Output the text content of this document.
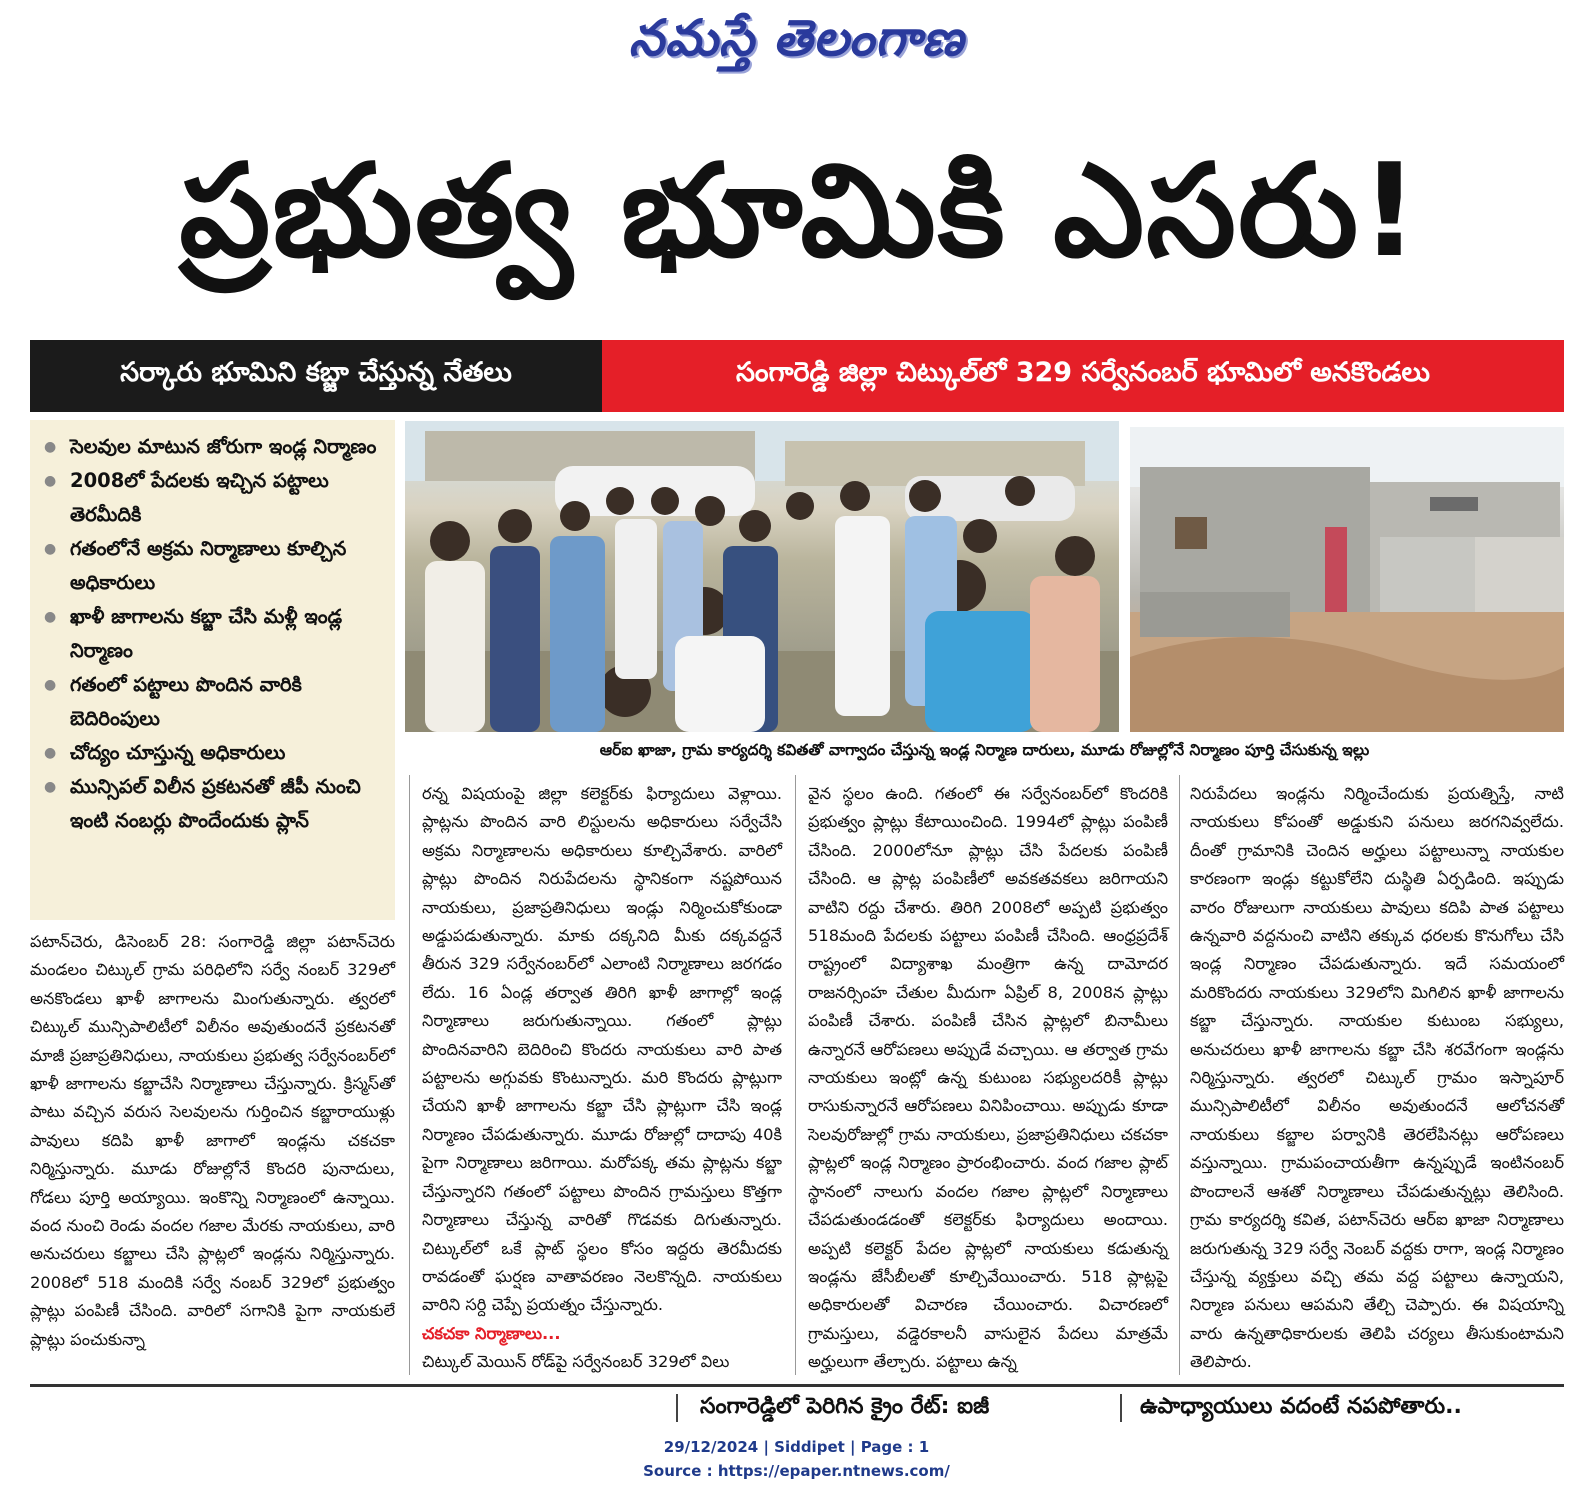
నమస్తే తెలంగాణ
ప్రభుత్వ భూమికి ఎసరు!
సర్కారు భూమిని కబ్జా చేస్తున్న నేతలు	సంగారెడ్డి జిల్లా చిట్కుల్‌లో 329 సర్వేనంబర్ భూమిలో అనకొండలు
● సెలవుల మాటున జోరుగా ఇండ్ల నిర్మాణం
● 2008లో పేదలకు ఇచ్చిన పట్టాలు తెరమీదికి
● గతంలోనే అక్రమ నిర్మాణాలు కూల్చిన అధికారులు
● ఖాళీ జాగాలను కబ్జా చేసి మళ్లీ ఇండ్ల నిర్మాణం
● గతంలో పట్టాలు పొందిన వారికి బెదిరింపులు
● చోద్యం చూస్తున్న అధికారులు
● మున్సిపల్ విలీన ప్రకటనతో జీపీ నుంచి ఇంటి నంబర్లు పొందేందుకు ప్లాన్
ఆర్ఐ ఖాజా, గ్రామ కార్యదర్శి కవితతో వాగ్వాదం చేస్తున్న ఇండ్ల నిర్మాణ దారులు, మూడు రోజుల్లోనే నిర్మాణం పూర్తి చేసుకున్న ఇల్లు
పటాన్‌చెరు, డిసెంబర్ 28: సంగారెడ్డి జిల్లా పటాన్‌చెరు మండలం చిట్కుల్ గ్రామ పరిధిలోని సర్వే నంబర్ 329లో అనకొండలు ఖాళీ జాగాలను మింగుతున్నారు. త్వరలో చిట్కుల్ మున్సిపాలిటీలో విలీనం అవుతుందనే ప్రకటనతో మాజీ ప్రజాప్రతినిధులు, నాయకులు ప్రభుత్వ సర్వేనంబర్‌లో ఖాళీ జాగాలను కబ్జాచేసి నిర్మాణాలు చేస్తున్నారు. క్రిస్మస్‌తో పాటు వచ్చిన వరుస సెలవులను గుర్తించిన కబ్జారాయుళ్లు పావులు కదిపి ఖాళీ జాగాలో ఇండ్లను చకచకా నిర్మిస్తున్నారు. మూడు రోజుల్లోనే కొందరి పునాదులు, గోడలు పూర్తి అయ్యాయి. ఇంకొన్ని నిర్మాణంలో ఉన్నాయి. వంద నుంచి రెండు వందల గజాల మేరకు నాయకులు, వారి అనుచరులు కబ్జాలు చేసి ప్లాట్లలో ఇండ్లను నిర్మిస్తున్నారు. 2008లో 518 మందికి సర్వే నంబర్ 329లో ప్రభుత్వం ప్లాట్లు పంపిణీ చేసింది. వారిలో సగానికి పైగా నాయకులే ప్లాట్లు పంచుకున్నా
రన్న విషయంపై జిల్లా కలెక్టర్‌కు ఫిర్యాదులు వెళ్లాయి. ప్లాట్లను పొందిన వారి లిస్టులను అధికారులు సర్వేచేసి అక్రమ నిర్మాణాలను అధికారులు కూల్చివేశారు. వారిలో ప్లాట్లు పొందిన నిరుపేదలను స్థానికంగా నష్టపోయిన నాయకులు, ప్రజాప్రతినిధులు ఇండ్లు నిర్మించుకోకుండా అడ్డుపడుతున్నారు. మాకు దక్కనిది మీకు దక్కవద్దనే తీరున 329 సర్వేనంబర్‌లో ఎలాంటి నిర్మాణాలు జరగడం లేదు. 16 ఏండ్ల తర్వాత తిరిగి ఖాళీ జాగాల్లో ఇండ్ల నిర్మాణాలు జరుగుతున్నాయి. గతంలో ప్లాట్లు పొందినవారిని బెదిరించి కొందరు నాయకులు వారి పాత పట్టాలను అగ్గువకు కొంటున్నారు. మరి కొందరు ప్లాట్లుగా చేయని ఖాళీ జాగాలను కబ్జా చేసి ప్లాట్లుగా చేసి ఇండ్ల నిర్మాణం చేపడుతున్నారు. మూడు రోజుల్లో దాదాపు 40కి పైగా నిర్మాణాలు జరిగాయి. మరోపక్క తమ ప్లాట్లను కబ్జా చేస్తున్నారని గతంలో పట్టాలు పొందిన గ్రామస్తులు కొత్తగా నిర్మాణాలు చేస్తున్న వారితో గొడవకు దిగుతున్నారు. చిట్కుల్‌లో ఒకే ప్లాట్ స్థలం కోసం ఇద్దరు తెరమీదకు రావడంతో ఘర్షణ వాతావరణం నెలకొన్నది. నాయకులు వారిని సర్ది చెప్పే ప్రయత్నం చేస్తున్నారు.
చకచకా నిర్మాణాలు...
చిట్కుల్ మెయిన్ రోడ్‌పై సర్వేనంబర్ 329లో విలు
వైన స్థలం ఉంది. గతంలో ఈ సర్వేనంబర్‌లో కొందరికి ప్రభుత్వం ప్లాట్లు కేటాయించింది. 1994లో ప్లాట్లు పంపిణీ చేసింది. 2000లోనూ ప్లాట్లు చేసి పేదలకు పంపిణీ చేసింది. ఆ ప్లాట్ల పంపిణీలో అవకతవకలు జరిగాయని వాటిని రద్దు చేశారు. తిరిగి 2008లో అప్పటి ప్రభుత్వం 518మంది పేదలకు పట్టాలు పంపిణీ చేసింది. ఆంధ్రప్రదేశ్ రాష్ట్రంలో విద్యాశాఖ మంత్రిగా ఉన్న దామోదర రాజనర్సింహ చేతుల మీదుగా ఏప్రిల్ 8, 2008న ప్లాట్లు పంపిణీ చేశారు. పంపిణీ చేసిన ప్లాట్లలో బినామీలు ఉన్నారనే ఆరోపణలు అప్పుడే వచ్చాయి. ఆ తర్వాత గ్రామ నాయకులు ఇంట్లో ఉన్న కుటుంబ సభ్యులదరికీ ప్లాట్లు రాసుకున్నారనే ఆరోపణలు వినిపించాయి. అప్పుడు కూడా సెలవురోజుల్లో గ్రామ నాయకులు, ప్రజాప్రతినిధులు చకచకా ప్లాట్లలో ఇండ్ల నిర్మాణం ప్రారంభించారు. వంద గజాల ప్లాట్ స్థానంలో నాలుగు వందల గజాల ప్లాట్లలో నిర్మాణాలు చేపడుతుండడంతో కలెక్టర్‌కు ఫిర్యాదులు అందాయి. అప్పటి కలెక్టర్ పేదల ప్లాట్లలో నాయకులు కడుతున్న ఇండ్లను జేసీబీలతో కూల్చివేయించారు. 518 ప్లాట్లపై అధికారులతో విచారణ చేయించారు. విచారణలో గ్రామస్తులు, వడ్డెరకాలనీ వాసులైన పేదలు మాత్రమే అర్హులుగా తేల్చారు. పట్టాలు ఉన్న
నిరుపేదలు ఇండ్లను నిర్మించేందుకు ప్రయత్నిస్తే, నాటి నాయకులు కోపంతో అడ్డుకుని పనులు జరగనివ్వలేదు. దీంతో గ్రామానికి చెందిన అర్హులు పట్టాలున్నా నాయకుల కారణంగా ఇండ్లు కట్టుకోలేని దుస్థితి ఏర్పడింది. ఇప్పుడు వారం రోజులుగా నాయకులు పావులు కదిపి పాత పట్టాలు ఉన్నవారి వద్దనుంచి వాటిని తక్కువ ధరలకు కొనుగోలు చేసి ఇండ్ల నిర్మాణం చేపడుతున్నారు. ఇదే సమయంలో మరికొందరు నాయకులు 329లోని మిగిలిన ఖాళీ జాగాలను కబ్జా చేస్తున్నారు. నాయకుల కుటుంబ సభ్యులు, అనుచరులు ఖాళీ జాగాలను కబ్జా చేసి శరవేగంగా ఇండ్లను నిర్మిస్తున్నారు. త్వరలో చిట్కుల్ గ్రామం ఇస్నాపూర్ మున్సిపాలిటీలో విలీనం అవుతుందనే ఆలోచనతో నాయకులు కబ్జాల పర్వానికి తెరలేపినట్లు ఆరోపణలు వస్తున్నాయి. గ్రామపంచాయతీగా ఉన్నప్పుడే ఇంటినంబర్ పొందాలనే ఆశతో నిర్మాణాలు చేపడుతున్నట్లు తెలిసింది. గ్రామ కార్యదర్శి కవిత, పటాన్‌చెరు ఆర్ఐ ఖాజా నిర్మాణాలు జరుగుతున్న 329 సర్వే నెంబర్ వద్దకు రాగా, ఇండ్ల నిర్మాణం చేస్తున్న వ్యక్తులు వచ్చి తమ వద్ద పట్టాలు ఉన్నాయని, నిర్మాణ పనులు ఆపమని తేల్చి చెప్పారు. ఈ విషయాన్ని వారు ఉన్నతాధికారులకు తెలిపి చర్యలు తీసుకుంటామని తెలిపారు.
సంగారెడ్డిలో పెరిగిన క్రైం రేట్: ఐజీ	ఉపాధ్యాయులు వదంటే నపపోతారు..
29/12/2024 | Siddipet | Page : 1
Source : https://epaper.ntnews.com/
